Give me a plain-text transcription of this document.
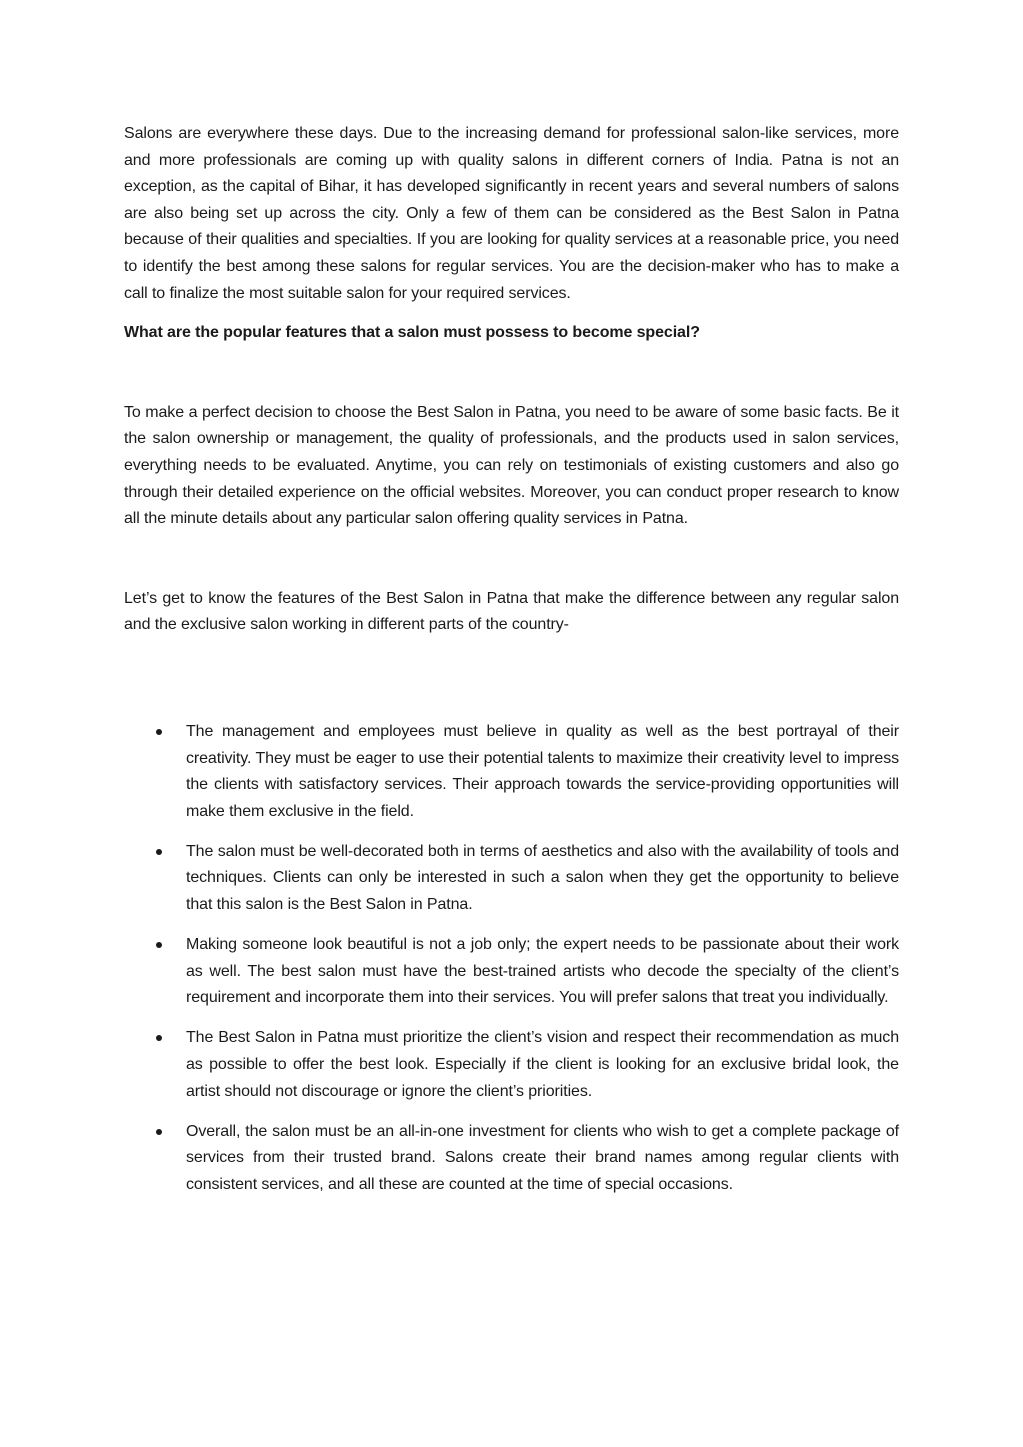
Salons are everywhere these days. Due to the increasing demand for professional salon-like services, more and more professionals are coming up with quality salons in different corners of India. Patna is not an exception, as the capital of Bihar, it has developed significantly in recent years and several numbers of salons are also being set up across the city. Only a few of them can be considered as the Best Salon in Patna because of their qualities and specialties. If you are looking for quality services at a reasonable price, you need to identify the best among these salons for regular services. You are the decision-maker who has to make a call to finalize the most suitable salon for your required services.

What are the popular features that a salon must possess to become special?

To make a perfect decision to choose the Best Salon in Patna, you need to be aware of some basic facts. Be it the salon ownership or management, the quality of professionals, and the products used in salon services, everything needs to be evaluated. Anytime, you can rely on testimonials of existing customers and also go through their detailed experience on the official websites. Moreover, you can conduct proper research to know all the minute details about any particular salon offering quality services in Patna.

Let’s get to know the features of the Best Salon in Patna that make the difference between any regular salon and the exclusive salon working in different parts of the country-

The management and employees must believe in quality as well as the best portrayal of their creativity. They must be eager to use their potential talents to maximize their creativity level to impress the clients with satisfactory services. Their approach towards the service-providing opportunities will make them exclusive in the field.
The salon must be well-decorated both in terms of aesthetics and also with the availability of tools and techniques. Clients can only be interested in such a salon when they get the opportunity to believe that this salon is the Best Salon in Patna.
Making someone look beautiful is not a job only; the expert needs to be passionate about their work as well. The best salon must have the best-trained artists who decode the specialty of the client’s requirement and incorporate them into their services. You will prefer salons that treat you individually.
The Best Salon in Patna must prioritize the client’s vision and respect their recommendation as much as possible to offer the best look. Especially if the client is looking for an exclusive bridal look, the artist should not discourage or ignore the client’s priorities.
Overall, the salon must be an all-in-one investment for clients who wish to get a complete package of services from their trusted brand. Salons create their brand names among regular clients with consistent services, and all these are counted at the time of special occasions.
